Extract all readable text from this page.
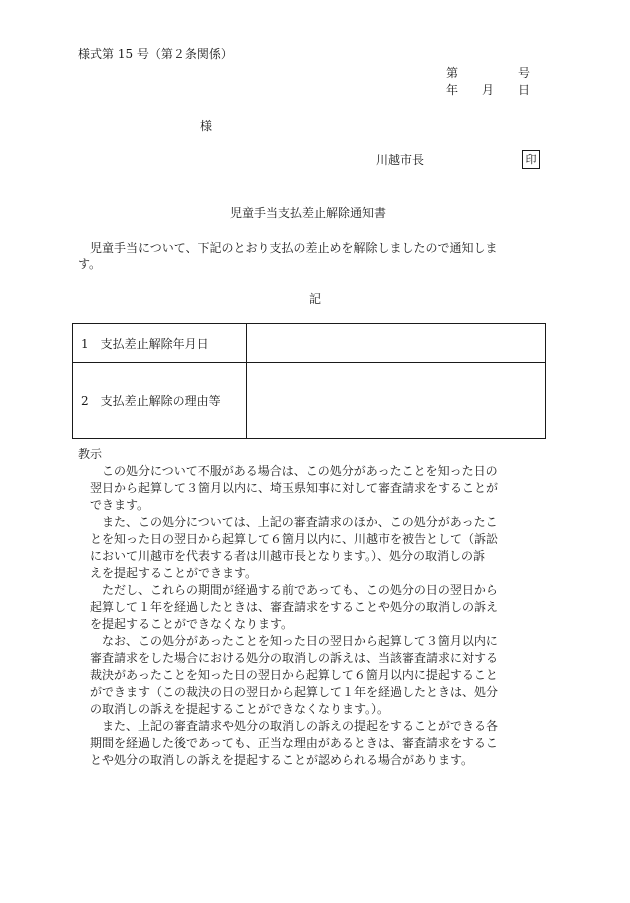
様式第 15 号（第２条関係）
第　　　　　号
年　　月　　日
様
川越市長	印
児童手当支払差止解除通知書
　児童手当について、下記のとおり支払の差止めを解除しましたので通知しま
す。
記
1　支払差止解除年月日	
2　支払差止解除の理由等	
教示
　　この処分について不服がある場合は、この処分があったことを知った日の
　翌日から起算して３箇月以内に、埼玉県知事に対して審査請求をすることが
　できます。
　　また、この処分については、上記の審査請求のほか、この処分があったこ
　とを知った日の翌日から起算して６箇月以内に、川越市を被告として（訴訟
　において川越市を代表する者は川越市長となります。）、処分の取消しの訴
　えを提起することができます。
　　ただし、これらの期間が経過する前であっても、この処分の日の翌日から
　起算して１年を経過したときは、審査請求をすることや処分の取消しの訴え
　を提起することができなくなります。
　　なお、この処分があったことを知った日の翌日から起算して３箇月以内に
　審査請求をした場合における処分の取消しの訴えは、当該審査請求に対する
　裁決があったことを知った日の翌日から起算して６箇月以内に提起すること
　ができます（この裁決の日の翌日から起算して１年を経過したときは、処分
　の取消しの訴えを提起することができなくなります。）。
　　また、上記の審査請求や処分の取消しの訴えの提起をすることができる各
　期間を経過した後であっても、正当な理由があるときは、審査請求をするこ
　とや処分の取消しの訴えを提起することが認められる場合があります。
